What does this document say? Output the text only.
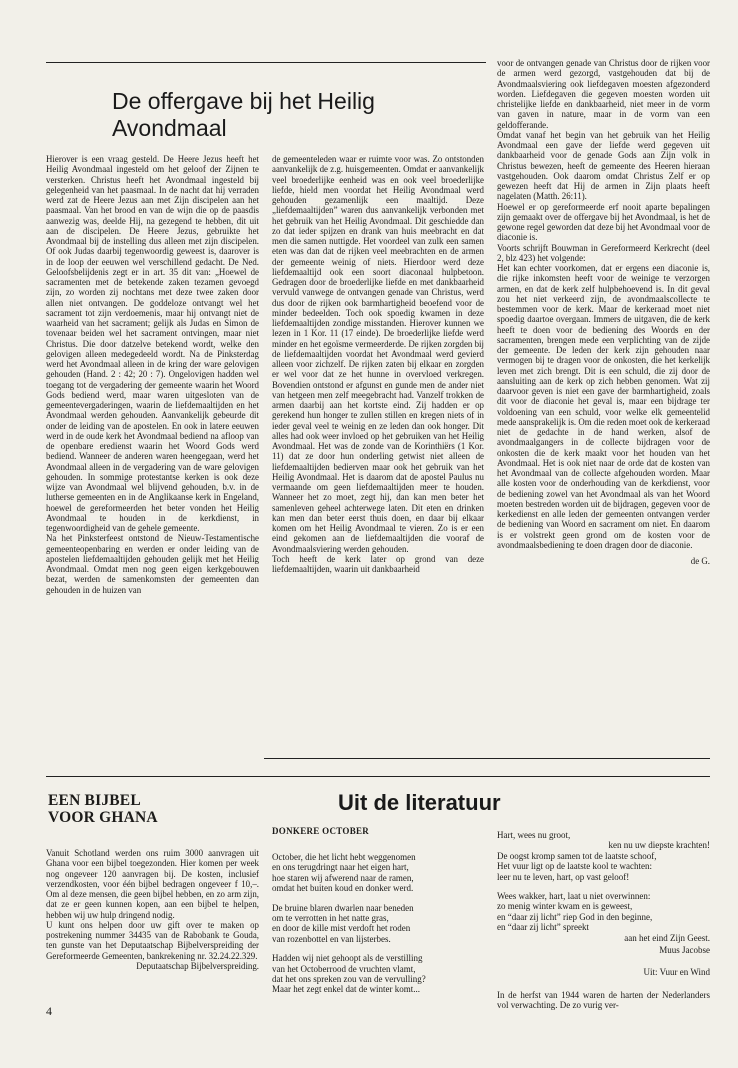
De offergave bij het Heilig Avondmaal

Hierover is een vraag gesteld. De Heere Jezus heeft het Heilig Avondmaal ingesteld om het geloof der Zijnen te versterken. Christus heeft het Avondmaal ingesteld bij gelegenheid van het paasmaal. In de nacht dat hij verraden werd zat de Heere Jezus aan met Zijn discipelen aan het paasmaal. Van het brood en van de wijn die op de paasdis aanwezig was, deelde Hij, na gezegend te hebben, dit uit aan de discipelen. De Heere Jezus, gebruikte het Avondmaal bij de instelling dus alleen met zijn discipelen. Of ook Judas daarbij tegenwoordig geweest is, daarover is in de loop der eeuwen wel verschillend gedacht. De Ned. Geloofsbelijdenis zegt er in art. 35 dit van: „Hoewel de sacramenten met de betekende zaken tezamen gevoegd zijn, zo worden zij nochtans met deze twee zaken door allen niet ontvangen. De goddeloze ontvangt wel het sacrament tot zijn verdoemenis, maar hij ontvangt niet de waarheid van het sacrament; gelijk als Judas en Simon de tovenaar beiden wel het sacrament ontvingen, maar niet Christus. Die door datzelve betekend wordt, welke den gelovigen alleen medegedeeld wordt. Na de Pinksterdag werd het Avondmaal alleen in de kring der ware gelovigen gehouden (Hand. 2 : 42; 20 : 7). Ongelovigen hadden wel toegang tot de vergadering der gemeente waarin het Woord Gods bediend werd, maar waren uitgesloten van de gemeentevergaderingen, waarin de liefdemaaltijden en het Avondmaal werden gehouden. Aanvankelijk gebeurde dit onder de leiding van de apostelen. En ook in latere eeuwen werd in de oude kerk het Avondmaal bediend na afloop van de openbare eredienst waarin het Woord Gods werd bediend. Wanneer de anderen waren heengegaan, werd het Avondmaal alleen in de vergadering van de ware gelovigen gehouden. In sommige protestantse kerken is ook deze wijze van Avondmaal wel blijvend gehouden, b.v. in de lutherse gemeenten en in de Anglikaanse kerk in Engeland, hoewel de gereformeerden het beter vonden het Heilig Avondmaal te houden in de kerkdienst, in tegenwoordigheid van de gehele gemeente.

Na het Pinksterfeest ontstond de Nieuw-Testamentische gemeenteopenbaring en werden er onder leiding van de apostelen liefdemaaltijden gehouden gelijk met het Heilig Avondmaal. Omdat men nog geen eigen kerkgebouwen bezat, werden de samenkomsten der gemeenten dan gehouden in de huizen van

de gemeenteleden waar er ruimte voor was. Zo ontstonden aanvankelijk de z.g. huisgemeenten. Omdat er aanvankelijk veel broederlijke eenheid was en ook veel broederlijke liefde, hield men voordat het Heilig Avondmaal werd gehouden gezamenlijk een maaltijd. Deze „liefdemaaltijden” waren dus aanvankelijk verbonden met het gebruik van het Heilig Avondmaal. Dit geschiedde dan zo dat ieder spijzen en drank van huis meebracht en dat men die samen nuttigde. Het voordeel van zulk een samen eten was dan dat de rijken veel meebrachten en de armen der gemeente weinig of niets. Hierdoor werd deze liefdemaaltijd ook een soort diaconaal hulpbetoon. Gedragen door de broederlijke liefde en met dankbaarheid vervuld vanwege de ontvangen genade van Christus, werd dus door de rijken ook barmhartigheid beoefend voor de minder bedeelden. Toch ook spoedig kwamen in deze liefdemaaltijden zondige misstanden. Hierover kunnen we lezen in 1 Kor. 11 (17 einde). De broederlijke liefde werd minder en het egoïsme vermeerderde. De rijken zorgden bij de liefdemaaltijden voordat het Avondmaal werd gevierd alleen voor zichzelf. De rijken zaten bij elkaar en zorgden er wel voor dat ze het hunne in overvloed verkregen. Bovendien ontstond er afgunst en gunde men de ander niet van hetgeen men zelf meegebracht had. Vanzelf trokken de armen daarbij aan het kortste eind. Zij hadden er op gerekend hun honger te zullen stillen en kregen niets of in ieder geval veel te weinig en ze leden dan ook honger. Dit alles had ook weer invloed op het gebruiken van het Heilig Avondmaal. Het was de zonde van de Korinthiërs (1 Kor. 11) dat ze door hun onderling getwist niet alleen de liefdemaaltijden bedierven maar ook het gebruik van het Heilig Avondmaal. Het is daarom dat de apostel Paulus nu vermaande om geen liefdemaaltijden meer te houden. Wanneer het zo moet, zegt hij, dan kan men beter het samenleven geheel achterwege laten. Dit eten en drinken kan men dan beter eerst thuis doen, en daar bij elkaar komen om het Heilig Avondmaal te vieren. Zo is er een eind gekomen aan de liefdemaaltijden die vooraf de Avondmaalsviering werden gehouden.

Toch heeft de kerk later op grond van deze liefdemaaltijden, waarin uit dankbaarheid

voor de ontvangen genade van Christus door de rijken voor de armen werd gezorgd, vastgehouden dat bij de Avondmaalsviering ook liefdegaven moesten afgezonderd worden. Liefdegaven die gegeven moesten worden uit christelijke liefde en dankbaarheid, niet meer in de vorm van gaven in nature, maar in de vorm van een geldofferande.

Omdat vanaf het begin van het gebruik van het Heilig Avondmaal een gave der liefde werd gegeven uit dankbaarheid voor de genade Gods aan Zijn volk in Christus bewezen, heeft de gemeente des Heeren hieraan vastgehouden. Ook daarom omdat Christus Zelf er op gewezen heeft dat Hij de armen in Zijn plaats heeft nagelaten (Matth. 26:11).

Hoewel er op gereformeerde erf nooit aparte bepalingen zijn gemaakt over de offergave bij het Avondmaal, is het de gewone regel geworden dat deze bij het Avondmaal voor de diaconie is.

Voorts schrijft Bouwman in Gereformeerd Kerkrecht (deel 2, blz 423) het volgende:

Het kan echter voorkomen, dat er ergens een diaconie is, die rijke inkomsten heeft voor de weinige te verzorgen armen, en dat de kerk zelf hulpbehoevend is. In dit geval zou het niet verkeerd zijn, de avondmaalscollecte te bestemmen voor de kerk. Maar de kerkeraad moet niet spoedig daartoe overgaan. Immers de uitgaven, die de kerk heeft te doen voor de bediening des Woords en der sacramenten, brengen mede een verplichting van de zijde der gemeente. De leden der kerk zijn gehouden naar vermogen bij te dragen voor de onkosten, die het kerkelijk leven met zich brengt. Dit is een schuld, die zij door de aansluiting aan de kerk op zich hebben genomen. Wat zij daarvoor geven is niet een gave der barmhartigheid, zoals dit voor de diaconie het geval is, maar een bijdrage ter voldoening van een schuld, voor welke elk gemeentelid mede aansprakelijk is. Om die reden moet ook de kerkeraad niet de gedachte in de hand werken, alsof de avondmaalgangers in de collecte bijdragen voor de onkosten die de kerk maakt voor het houden van het Avondmaal. Het is ook niet naar de orde dat de kosten van het Avondmaal van de collecte afgehouden worden. Maar alle kosten voor de onderhouding van de kerkdienst, voor de bediening zowel van het Avondmaal als van het Woord moeten bestreden worden uit de bijdragen, gegeven voor de kerkedienst en alle leden der gemeenten ontvangen verder de bediening van Woord en sacrament om niet. En daarom is er volstrekt geen grond om de kosten voor de avondmaalsbediening te doen dragen door de diaconie.

de G.

EEN BIJBEL
VOOR GHANA

Vanuit Schotland werden ons ruim 3000 aanvragen uit Ghana voor een bijbel toegezonden. Hier komen per week nog ongeveer 120 aanvragen bij. De kosten, inclusief verzendkosten, voor één bijbel bedragen ongeveer f 10,–. Om al deze mensen, die geen bijbel hebben, en zo arm zijn, dat ze er geen kunnen kopen, aan een bijbel te helpen, hebben wij uw hulp dringend nodig.

U kunt ons helpen door uw gift over te maken op postrekening nummer 34435 van de Rabobank te Gouda, ten gunste van het Deputaatschap Bijbelverspreiding der Gereformeerde Gemeenten, bankrekening nr. 32.24.22.329.

Deputaatschap Bijbelverspreiding.

Uit de literatuur
DONKERE OCTOBER

October, die het licht hebt weggenomen
en ons terugdringt naar het eigen hart,
hoe staren wij afwerend naar de ramen,
omdat het buiten koud en donker werd.

De bruine blaren dwarlen naar beneden
om te verrotten in het natte gras,
en door de kille mist verdoft het roden
van rozenbottel en van lijsterbes.

Hadden wij niet gehoopt als de verstilling
van het Octoberrood de vruchten vlamt,
dat het ons spreken zou van de vervulling?
Maar het zegt enkel dat de winter komt...

Hart, wees nu groot,
ken nu uw diepste krachten!

De oogst kromp samen tot de laatste schoof,
Het vuur ligt op de laatste kool te wachten:
leer nu te leven, hart, op vast geloof!

Wees wakker, hart, laat u niet overwinnen:
zo menig winter kwam en is geweest,
en “daar zij licht” riep God in den beginne,
en “daar zij licht” spreekt

aan het eind Zijn Geest.
Muus Jacobse
Uit: Vuur en Wind
In de herfst van 1944 waren de harten der Nederlanders vol verwachting. De zo vurig ver-
4
